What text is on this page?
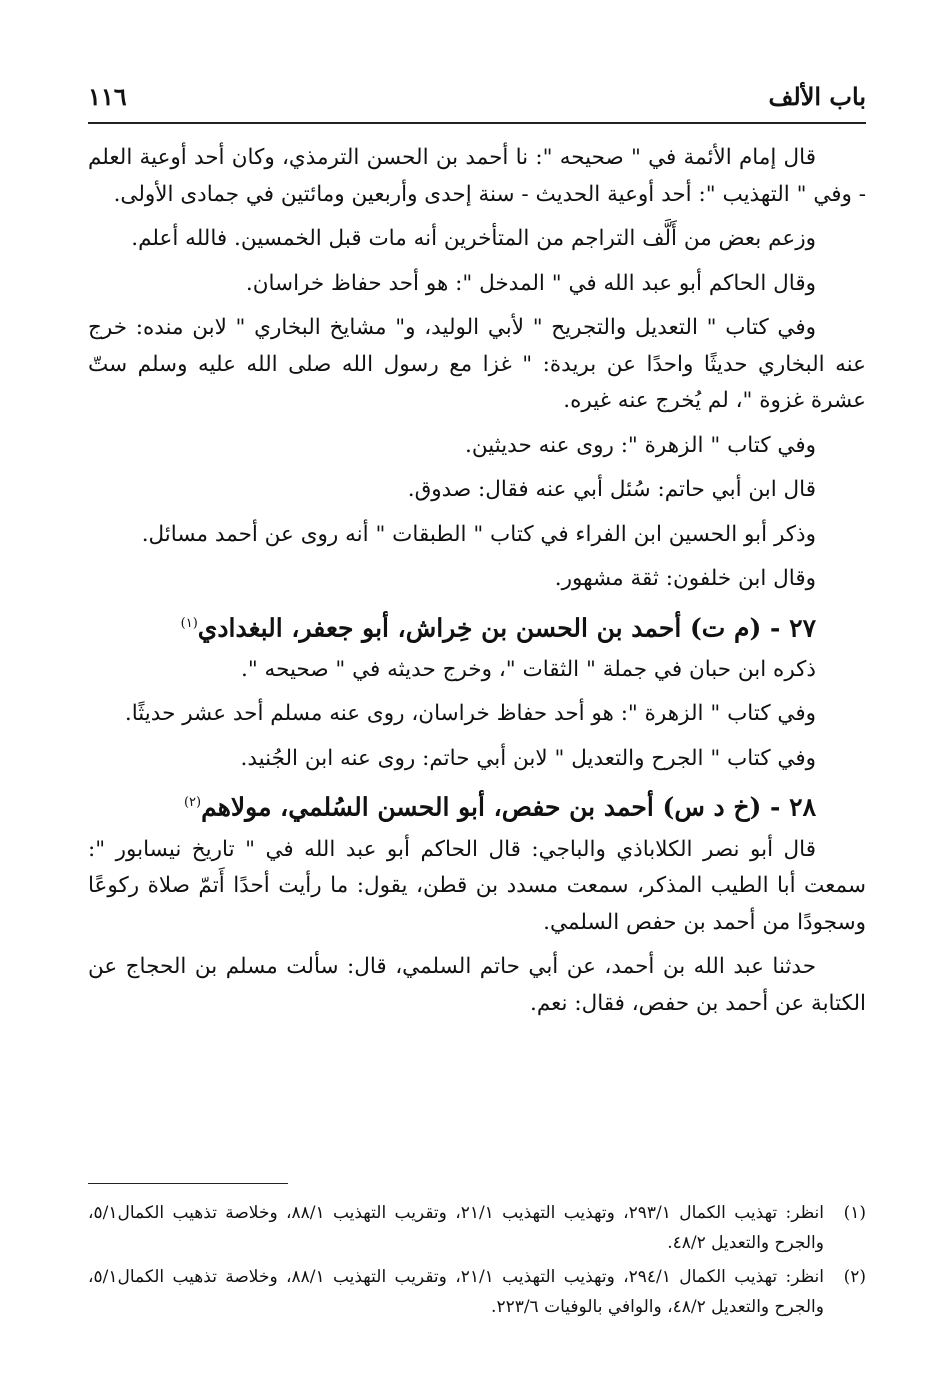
باب الألف
١١٦

قال إمام الأئمة في " صحيحه ": نا أحمد بن الحسن الترمذي، وكان أحد أوعية العلم - وفي " التهذيب ": أحد أوعية الحديث - سنة إحدى وأربعين ومائتين في جمادى الأولى.

وزعم بعض من أَلَّف التراجم من المتأخرين أنه مات قبل الخمسين. فالله أعلم.

وقال الحاكم أبو عبد الله في " المدخل ": هو أحد حفاظ خراسان.

وفي كتاب " التعديل والتجريح " لأبي الوليد، و" مشايخ البخاري " لابن منده: خرج عنه البخاري حديثًا واحدًا عن بريدة: " غزا مع رسول الله صلى الله عليه وسلم ستّ عشرة غزوة "، لم يُخرج عنه غيره.

وفي كتاب " الزهرة ": روى عنه حديثين.

قال ابن أبي حاتم: سُئل أبي عنه فقال: صدوق.

وذكر أبو الحسين ابن الفراء في كتاب " الطبقات " أنه روى عن أحمد مسائل.

وقال ابن خلفون: ثقة مشهور.

٢٧ - (م ت) أحمد بن الحسن بن خِراش، أبو جعفر، البغدادي$^{(١)}$

ذكره ابن حبان في جملة " الثقات "، وخرج حديثه في " صحيحه ".

وفي كتاب " الزهرة ": هو أحد حفاظ خراسان، روى عنه مسلم أحد عشر حديثًا.

وفي كتاب " الجرح والتعديل " لابن أبي حاتم: روى عنه ابن الجُنيد.

٢٨ - (خ د س) أحمد بن حفص، أبو الحسن السُلمي، مولاهم$^{(٢)}$

قال أبو نصر الكلاباذي والباجي: قال الحاكم أبو عبد الله في " تاريخ نيسابور ": سمعت أبا الطيب المذكر، سمعت مسدد بن قطن، يقول: ما رأيت أحدًا أَتمّ صلاة ركوعًا وسجودًا من أحمد بن حفص السلمي.

حدثنا عبد الله بن أحمد، عن أبي حاتم السلمي، قال: سألت مسلم بن الحجاج عن الكتابة عن أحمد بن حفص، فقال: نعم.

(١)
انظر: تهذيب الكمال ٢٩٣/١، وتهذيب التهذيب ٢١/١، وتقريب التهذيب ٨٨/١، وخلاصة تذهيب الكمال٥/١، والجرح والتعديل ٤٨/٢.

(٢)
انظر: تهذيب الكمال ٢٩٤/١، وتهذيب التهذيب ٢١/١، وتقريب التهذيب ٨٨/١، وخلاصة تذهيب الكمال٥/١، والجرح والتعديل ٤٨/٢، والوافي بالوفيات ٢٢٣/٦.
